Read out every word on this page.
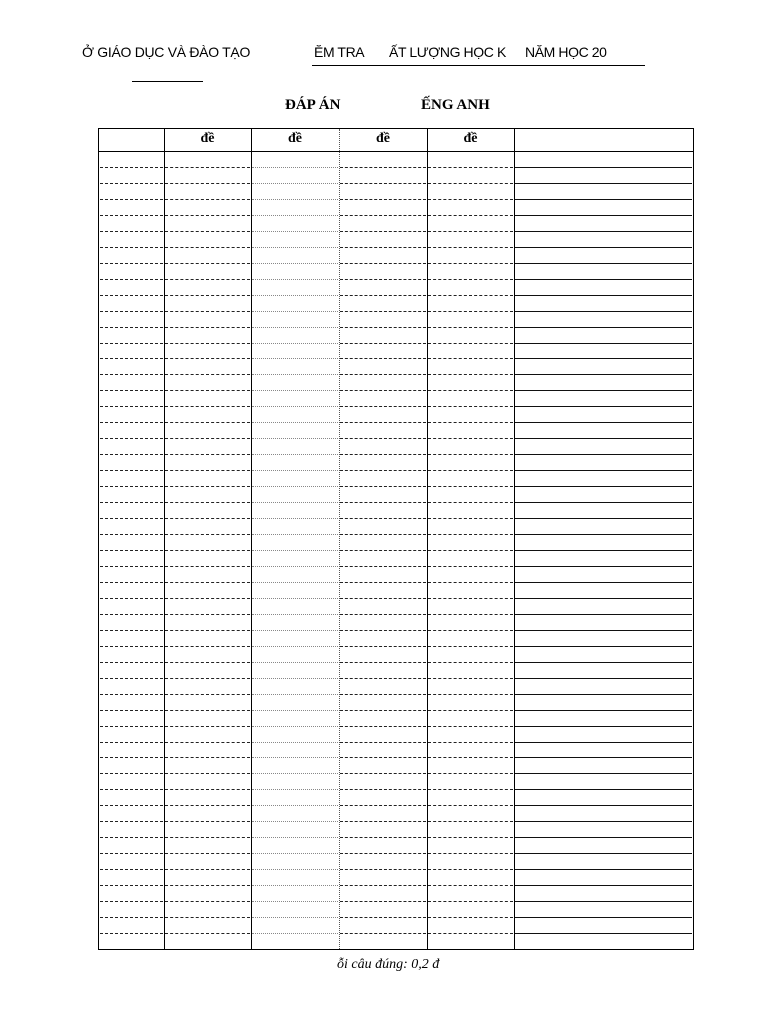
Ở GIÁO DỤC VÀ ĐÀO TẠO	ĔM TRA ẤT LƯỢNG HỌC K NĂM HỌC 20
ĐÁP ÁN	ẾNG ANH
đề	đề	đề	đề
ỗi câu đúng: 0,2 đ
